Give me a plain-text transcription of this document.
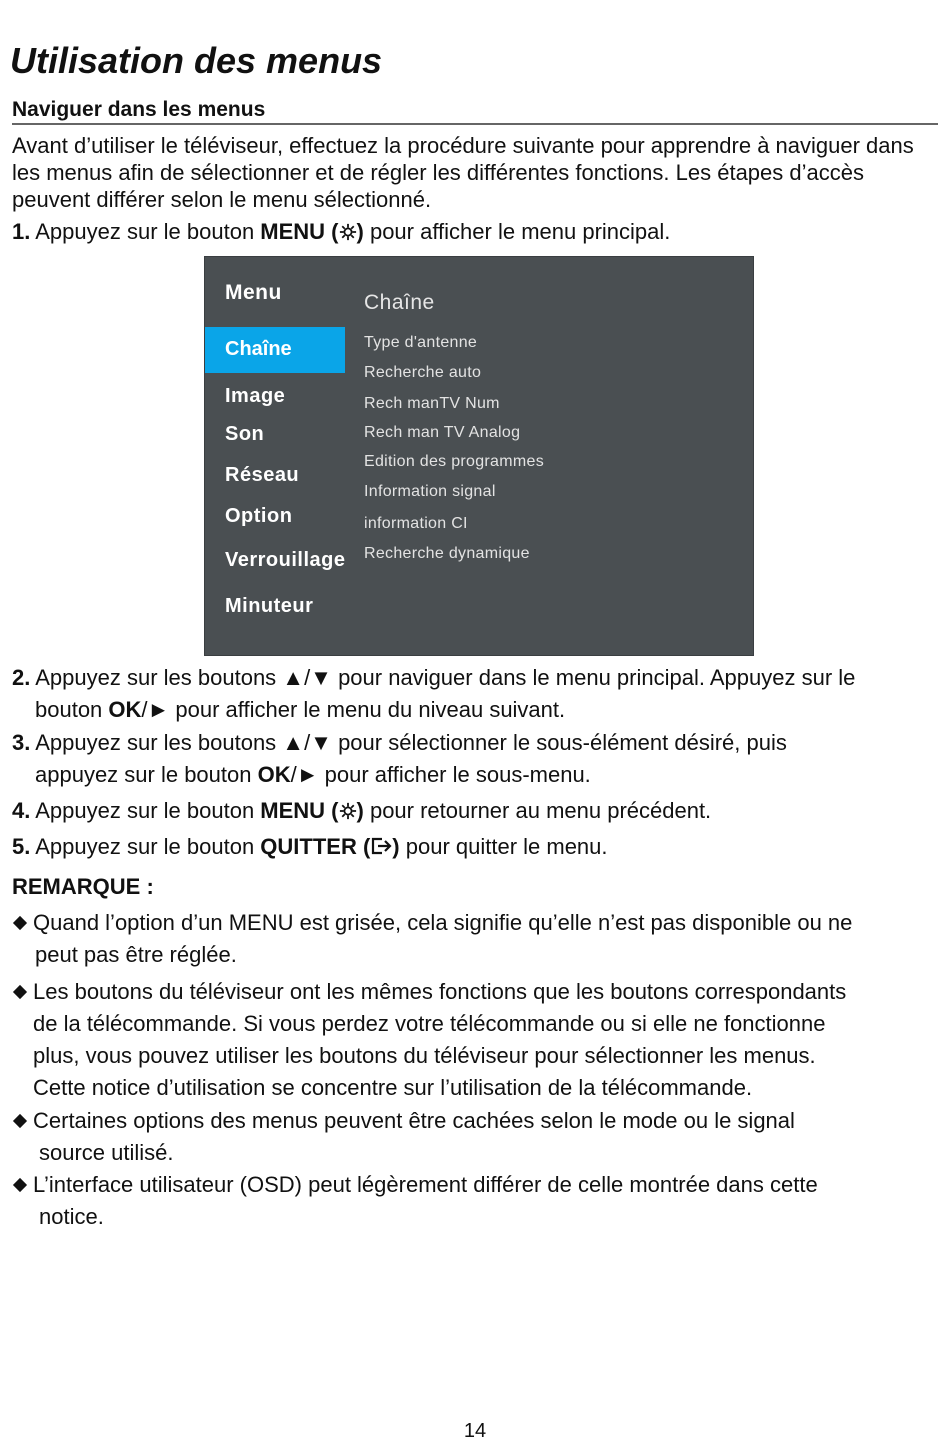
Utilisation des menus
Naviguer dans les menus

Avant d’utiliser le téléviseur, effectuez la procédure suivante pour apprendre à naviguer dans les menus afin de sélectionner et de régler les différentes fonctions. Les étapes d’accès peuvent différer selon le menu sélectionné.

1. Appuyez sur le bouton MENU ( ) pour afficher le menu principal.

Menu
Chaîne
Image
Son
Réseau
Option
Verrouillage
Minuteur
Chaîne
Type d'antenne
Recherche auto
Rech manTV Num
Rech man TV Analog
Edition des programmes
Information signal
information CI
Recherche dynamique

2. Appuyez sur les boutons ▲/▼ pour naviguer dans le menu principal. Appuyez sur le
bouton OK/► pour afficher le menu du niveau suivant.

3. Appuyez sur les boutons ▲/▼ pour sélectionner le sous-élément désiré, puis
appuyez sur le bouton OK/► pour afficher le sous-menu.

4. Appuyez sur le bouton MENU ( ) pour retourner au menu précédent.

5. Appuyez sur le bouton QUITTER ( ) pour quitter le menu.

REMARQUE :

Quand l’option d’un MENU est grisée, cela signifie qu’elle n’est pas disponible ou ne
peut pas être réglée.

Les boutons du téléviseur ont les mêmes fonctions que les boutons correspondants
de la télécommande. Si vous perdez votre télécommande ou si elle ne fonctionne
plus, vous pouvez utiliser les boutons du téléviseur pour sélectionner les menus.
Cette notice d’utilisation se concentre sur l’utilisation de la télécommande.

Certaines options des menus peuvent être cachées selon le mode ou le signal
source utilisé.

L’interface utilisateur (OSD) peut légèrement différer de celle montrée dans cette
notice.

14
